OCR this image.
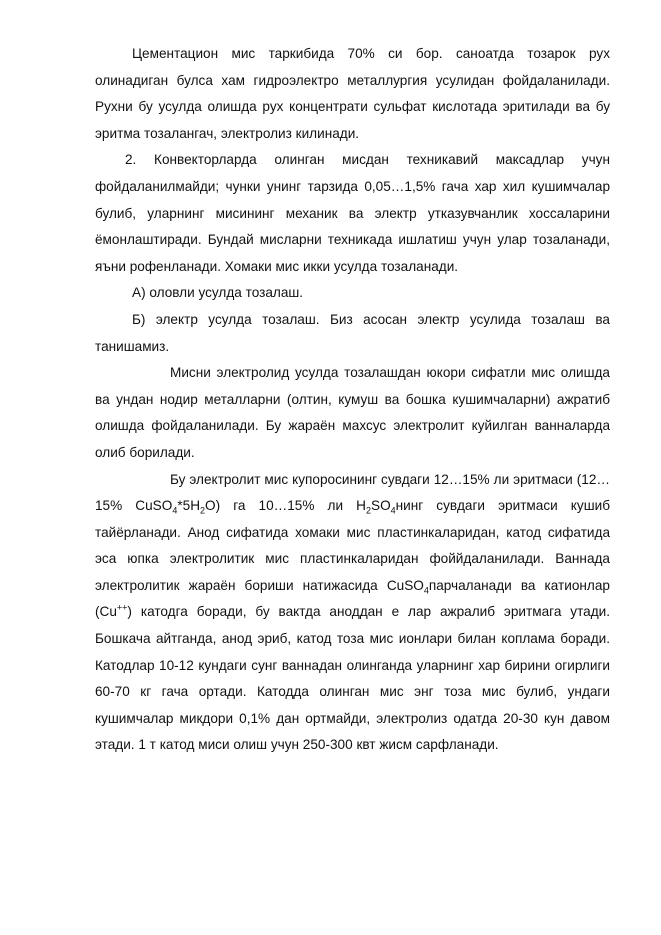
Цементацион мис таркибида 70% си бор. саноатда тозарок рух олинадиган булса хам гидроэлектро металлургия усулидан фойдаланилади. Рухни бу усулда олишда рух концентрати сульфат кислотада эритилади ва бу эритма тозалангач, электролиз килинади.

2. Конвекторларда олинган мисдан техникавий максадлар учун фойдаланилмайди; чунки унинг тарзида 0,05…1,5% гача хар хил кушимчалар булиб, уларнинг мисининг механик ва электр утказувчанлик хоссаларини ёмонлаштиради. Бундай мисларни техникада ишлатиш учун улар тозаланади, яъни рофенланади. Хомаки мис икки усулда тозаланади.

А) оловли усулда тозалаш.

Б) электр усулда тозалаш. Биз асосан электр усулида тозалаш ва танишамиз.

Мисни электролид усулда тозалашдан юкори сифатли мис олишда ва ундан нодир металларни (олтин, кумуш ва бошка кушимчаларни) ажратиб олишда фойдаланилади. Бу жараён махсус электролит куйилган ванналарда олиб борилади.

Бу электролит мис купоросининг сувдаги 12…15% ли эритмаси (12…15% $CuSO_4*5H_2O$) га 10…15% ли $H_2SO_4нинг$ сувдаги эритмаси кушиб тайёрланади. Анод сифатида хомаки мис пластинкаларидан, катод сифатида эса юпка электролитик мис пластинкаларидан фоййдаланилади. Ваннада электролитик жараён бориши натижасида CuSO$_4$парчаланади ва катионлар (Cu++) катодга боради, бу вактда аноддан е лар ажралиб эритмага утади. Бошкача айтганда, анод эриб, катод тоза мис ионлари билан коплама боради. Катодлар 10-12 кундаги сунг ваннадан олинганда уларнинг хар бирини огирлиги 60-70 кг гача ортади. Катодда олинган мис энг тоза мис булиб, ундаги кушимчалар микдори 0,1% дан ортмайди, электролиз одатда 20-30 кун давом этади. 1 т катод миси олиш учун 250-300 квт жисм сарфланади.
